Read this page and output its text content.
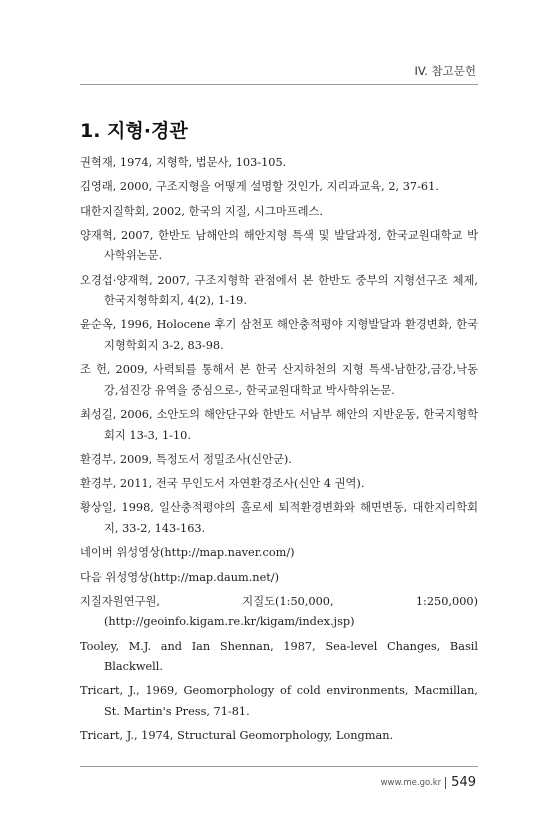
IV. 참고문헌
1. 지형·경관
권혁재, 1974, 지형학, 법문사, 103-105.
김영래, 2000, 구조지형을 어떻게 설명할 것인가, 지리과교육, 2, 37-61.
대한지질학회, 2002, 한국의 지질, 시그마프레스.
양재혁, 2007, 한반도 남해안의 해안지형 특색 및 발달과정, 한국교원대학교 박사학위논문.
오경섭·양재혁, 2007, 구조지형학 관점에서 본 한반도 중부의 지형선구조 체제, 한국지형학회지, 4(2), 1-19.
윤순옥, 1996, Holocene 후기 삼천포 해안충적평야 지형발달과 환경변화, 한국지형학회지 3-2, 83-98.
조 헌, 2009, 사력퇴를 통해서 본 한국 산지하천의 지형 특색-남한강,금강,낙동강,섬진강 유역을 중심으로-, 한국교원대학교 박사학위논문.
최성길, 2006, 소안도의 해안단구와 한반도 서남부 해안의 지반운동, 한국지형학회지 13-3, 1-10.
환경부, 2009, 특정도서 정밀조사(신안군).
환경부, 2011, 전국 무인도서 자연환경조사(신안 4 권역).
황상일, 1998, 일산충적평야의 홀로세 퇴적환경변화와 해면변동, 대한지리학회지, 33-2, 143-163.
네이버 위성영상(http://map.naver.com/)
다음 위성영상(http://map.daum.net/)
지질자원연구원, 지질도(1:50,000, 1:250,000) (http://geoinfo.kigam.re.kr/kigam/index.jsp)
Tooley, M.J. and Ian Shennan, 1987, Sea-level Changes, Basil Blackwell.
Tricart, J., 1969, Geomorphology of cold environments, Macmillan, St. Martin's Press, 71-81.
Tricart, J., 1974, Structural Geomorphology, Longman.
www.me.go.kr 549
